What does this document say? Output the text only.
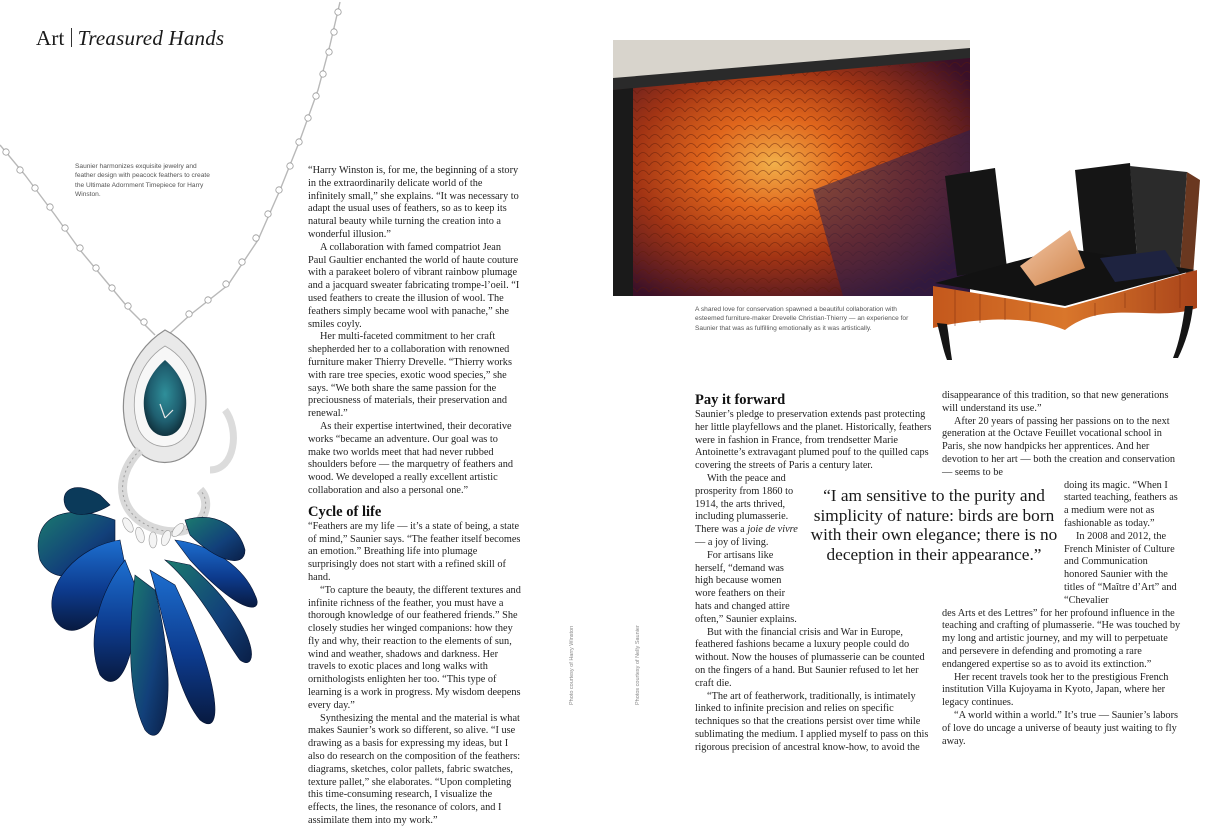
Art Treasured Hands
Saunier harmonizes exquisite jewelry and feather design with peacock feathers to create the Ultimate Adornment Timepiece for Harry Winston.

“Harry Winston is, for me, the beginning of a story in the extraordinarily delicate world of the infinitely small,” she explains. “It was necessary to adapt the usual uses of feathers, so as to keep its natural beauty while turning the creation into a wonderful illusion.”

A collaboration with famed compatriot Jean Paul Gaultier enchanted the world of haute couture with a parakeet bolero of vibrant rainbow plumage and a jacquard sweater fabricating trompe-l’oeil. “I used feathers to create the illusion of wool. The feathers simply became wool with panache,” she smiles coyly.

Her multi-faceted commitment to her craft shepherded her to a collaboration with renowned furniture maker Thierry Drevelle. “Thierry works with rare tree species, exotic wood species,” she says. “We both share the same passion for the preciousness of materials, their preservation and renewal.”

As their expertise intertwined, their decorative works “became an adventure. Our goal was to make two worlds meet that had never rubbed shoulders before — the marquetry of feathers and wood. We developed a really excellent artistic collaboration and also a personal one.”

Cycle of life

“Feathers are my life — it’s a state of being, a state of mind,” Saunier says. “The feather itself becomes an emotion.” Breathing life into plumage surprisingly does not start with a refined skill of hand.

“To capture the beauty, the different textures and infinite richness of the feather, you must have a thorough knowledge of our feathered friends.” She closely studies her winged companions: how they fly and why, their reaction to the elements of sun, wind and weather, shadows and darkness. Her travels to exotic places and long walks with ornithologists enlighten her too. “This type of learning is a work in progress. My wisdom deepens every day.”

Synthesizing the mental and the material is what makes Saunier’s work so different, so alive. “I use drawing as a basis for expressing my ideas, but I also do research on the composition of the feathers: diagrams, sketches, color pallets, fabric swatches, texture pallet,” she elaborates. “Upon completing this time-consuming research, I visualize the effects, the lines, the resonance of colors, and I assimilate them into my work.”

Photo courtesy of Harry Winston	Photos courtesy of Nelly Saunier
A shared love for conservation spawned a beautiful collaboration with esteemed furniture-maker Drevelle Christian-Thierry — an experience for Saunier that was as fulfilling emotionally as it was artistically.
Pay it forward

Saunier’s pledge to preservation extends past protecting her little playfellows and the planet. Historically, feathers were in fashion in France, from trendsetter Marie Antoinette’s extravagant plumed pouf to the quilled caps covering the streets of Paris a century later.

With the peace and prosperity from 1860 to 1914, the arts thrived, including plumasserie. There was a joie de vivre — a joy of living.

For artisans like herself, “demand was high because women wore feathers on their hats and changed attire often,” Saunier explains.

But with the financial crisis and War in Europe, feathered fashions became a luxury people could do without. Now the houses of plumasserie can be counted on the fingers of a hand. But Saunier refused to let her craft die.

“The art of featherwork, traditionally, is intimately linked to infinite precision and relies on specific techniques so that the creations persist over time while sublimating the medium. I applied myself to pass on this rigorous precision of ancestral know-how, to avoid the

“I am sensitive to the purity and simplicity of nature: birds are born with their own elegance; there is no deception in their appearance.”

disappearance of this tradition, so that new generations will understand its use.”

After 20 years of passing her passions on to the next generation at the Octave Feuillet vocational school in Paris, she now handpicks her apprentices. And her devotion to her art — both the creation and conservation — seems to be

doing its magic. “When I started teaching, feathers as a medium were not as fashionable as today.”

In 2008 and 2012, the French Minister of Culture and Communication honored Saunier with the titles of “Maître d’Art” and “Chevalier

des Arts et des Lettres” for her profound influence in the teaching and crafting of plumasserie. “He was touched by my long and artistic journey, and my will to perpetuate and persevere in defending and promoting a rare endangered expertise so as to avoid its extinction.”

Her recent travels took her to the prestigious French institution Villa Kujoyama in Kyoto, Japan, where her legacy continues.

“A world within a world.” It’s true — Saunier’s labors of love do uncage a universe of beauty just waiting to fly away.
